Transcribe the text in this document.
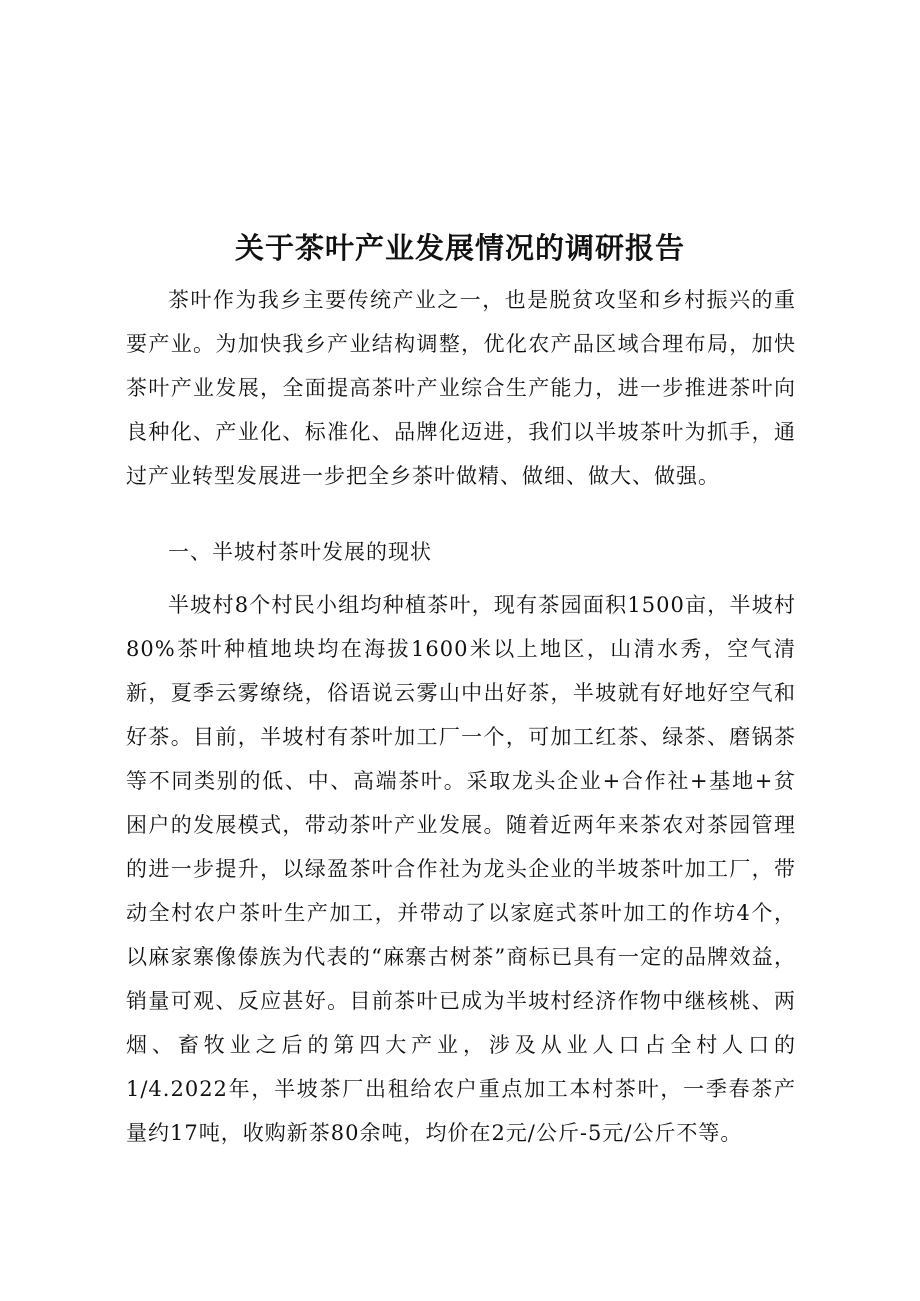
关于茶叶产业发展情况的调研报告

茶叶作为我乡主要传统产业之一，也是脱贫攻坚和乡村振兴的重要产业。为加快我乡产业结构调整，优化农产品区域合理布局，加快茶叶产业发展，全面提高茶叶产业综合生产能力，进一步推进茶叶向良种化、产业化、标准化、品牌化迈进，我们以半坡茶叶为抓手，通过产业转型发展进一步把全乡茶叶做精、做细、做大、做强。

一、半坡村茶叶发展的现状

半坡村8个村民小组均种植茶叶，现有茶园面积1500亩，半坡村80%茶叶种植地块均在海拔1600米以上地区，山清水秀，空气清新，夏季云雾缭绕，俗语说云雾山中出好茶，半坡就有好地好空气和好茶。目前，半坡村有茶叶加工厂一个，可加工红茶、绿茶、磨锅茶等不同类别的低、中、高端茶叶。采取龙头企业+合作社+基地+贫困户的发展模式，带动茶叶产业发展。随着近两年来茶农对茶园管理的进一步提升，以绿盈茶叶合作社为龙头企业的半坡茶叶加工厂，带动全村农户茶叶生产加工，并带动了以家庭式茶叶加工的作坊4个，以麻家寨像傣族为代表的“麻寨古树茶”商标已具有一定的品牌效益，销量可观、反应甚好。目前茶叶已成为半坡村经济作物中继核桃、两烟、畜牧业之后的第四大产业，涉及从业人口占全村人口的1/4.2022年，半坡茶厂出租给农户重点加工本村茶叶，一季春茶产量约17吨，收购新茶80余吨，均价在2元/公斤-5元/公斤不等。
